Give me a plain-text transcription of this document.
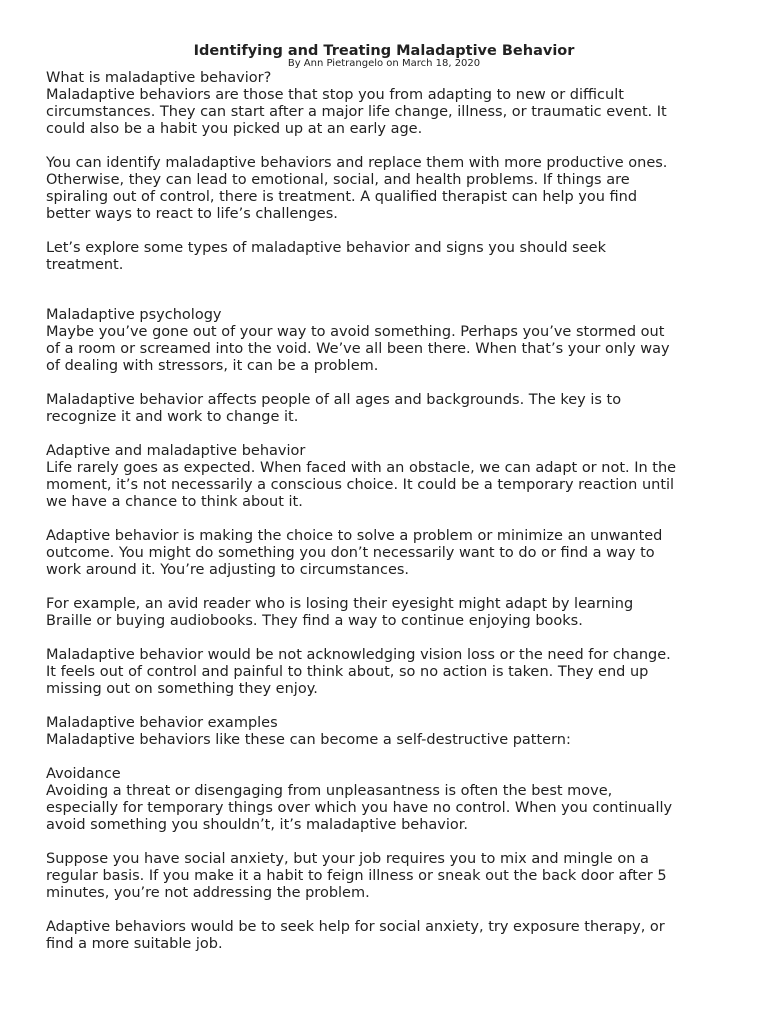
Identifying and Treating Maladaptive Behavior
By Ann Pietrangelo on March 18, 2020

What is maladaptive behavior?

Maladaptive behaviors are those that stop you from adapting to new or difficult

circumstances. They can start after a major life change, illness, or traumatic event. It

could also be a habit you picked up at an early age.

You can identify maladaptive behaviors and replace them with more productive ones.

Otherwise, they can lead to emotional, social, and health problems. If things are

spiraling out of control, there is treatment. A qualified therapist can help you find

better ways to react to life’s challenges.

Let’s explore some types of maladaptive behavior and signs you should seek

treatment.

Maladaptive psychology

Maybe you’ve gone out of your way to avoid something. Perhaps you’ve stormed out

of a room or screamed into the void. We’ve all been there. When that’s your only way

of dealing with stressors, it can be a problem.

Maladaptive behavior affects people of all ages and backgrounds. The key is to

recognize it and work to change it.

Adaptive and maladaptive behavior

Life rarely goes as expected. When faced with an obstacle, we can adapt or not. In the

moment, it’s not necessarily a conscious choice. It could be a temporary reaction until

we have a chance to think about it.

Adaptive behavior is making the choice to solve a problem or minimize an unwanted

outcome. You might do something you don’t necessarily want to do or find a way to

work around it. You’re adjusting to circumstances.

For example, an avid reader who is losing their eyesight might adapt by learning

Braille or buying audiobooks. They find a way to continue enjoying books.

Maladaptive behavior would be not acknowledging vision loss or the need for change.

It feels out of control and painful to think about, so no action is taken. They end up

missing out on something they enjoy.

Maladaptive behavior examples

Maladaptive behaviors like these can become a self-destructive pattern:

Avoidance

Avoiding a threat or disengaging from unpleasantness is often the best move,

especially for temporary things over which you have no control. When you continually

avoid something you shouldn’t, it’s maladaptive behavior.

Suppose you have social anxiety, but your job requires you to mix and mingle on a

regular basis. If you make it a habit to feign illness or sneak out the back door after 5

minutes, you’re not addressing the problem.

Adaptive behaviors would be to seek help for social anxiety, try exposure therapy, or

find a more suitable job.
